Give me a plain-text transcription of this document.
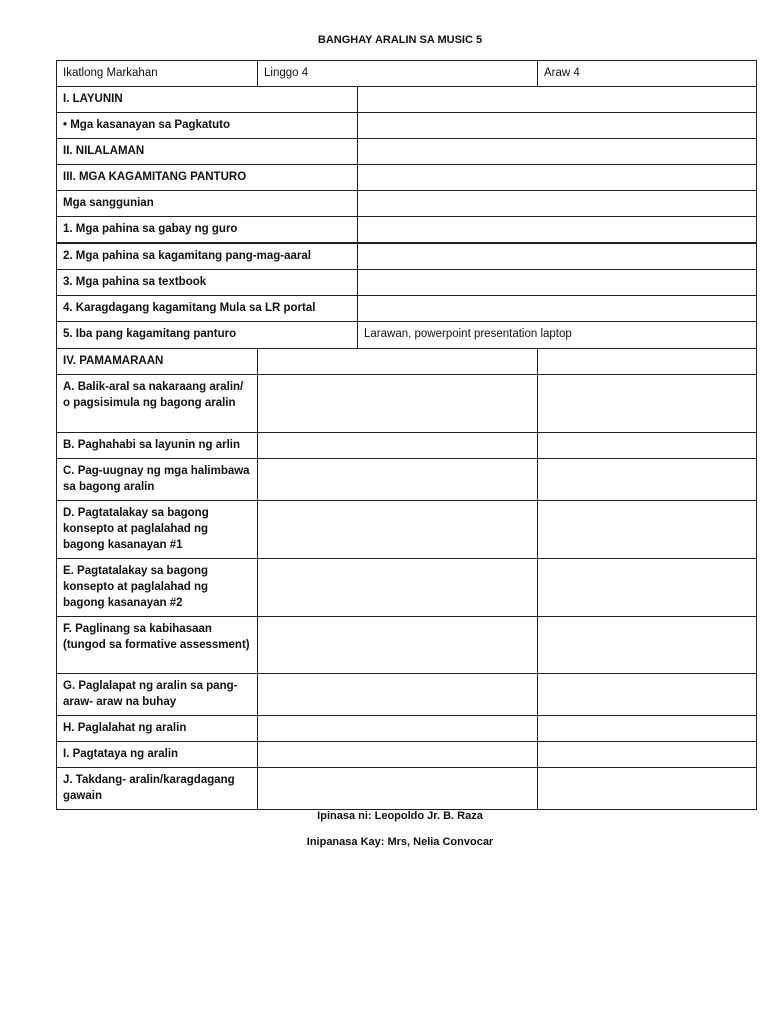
BANGHAY ARALIN SA MUSIC 5
Ikatlong Markahan	Linggo 4	Araw 4
I. LAYUNIN
• Mga kasanayan sa Pagkatuto
II. NILALAMAN
III. MGA KAGAMITANG PANTURO
Mga sanggunian
1. Mga pahina sa gabay ng guro
2. Mga pahina sa kagamitang pang-mag-aaral
3. Mga pahina sa textbook
4. Karagdagang kagamitang Mula sa LR portal
5. Iba pang kagamitang panturo	Larawan, powerpoint presentation laptop
IV. PAMAMARAAN
A. Balik-aral sa nakaraang aralin/ o pagsisimula ng bagong aralin
B. Paghahabi sa layunin ng arlin
C. Pag-uugnay ng mga halimbawa sa bagong aralin
D. Pagtatalakay sa bagong konsepto at paglalahad ng bagong kasanayan #1
E. Pagtatalakay sa bagong konsepto at paglalahad ng bagong kasanayan #2
F. Paglinang sa kabihasaan (tungod sa formative assessment)
G. Paglalapat ng aralin sa pang- araw- araw na buhay
H. Paglalahat ng aralin
I. Pagtataya ng aralin
J. Takdang- aralin/karagdagang gawain
Ipinasa ni: Leopoldo Jr. B. Raza
Inipanasa Kay: Mrs, Nelia Convocar
